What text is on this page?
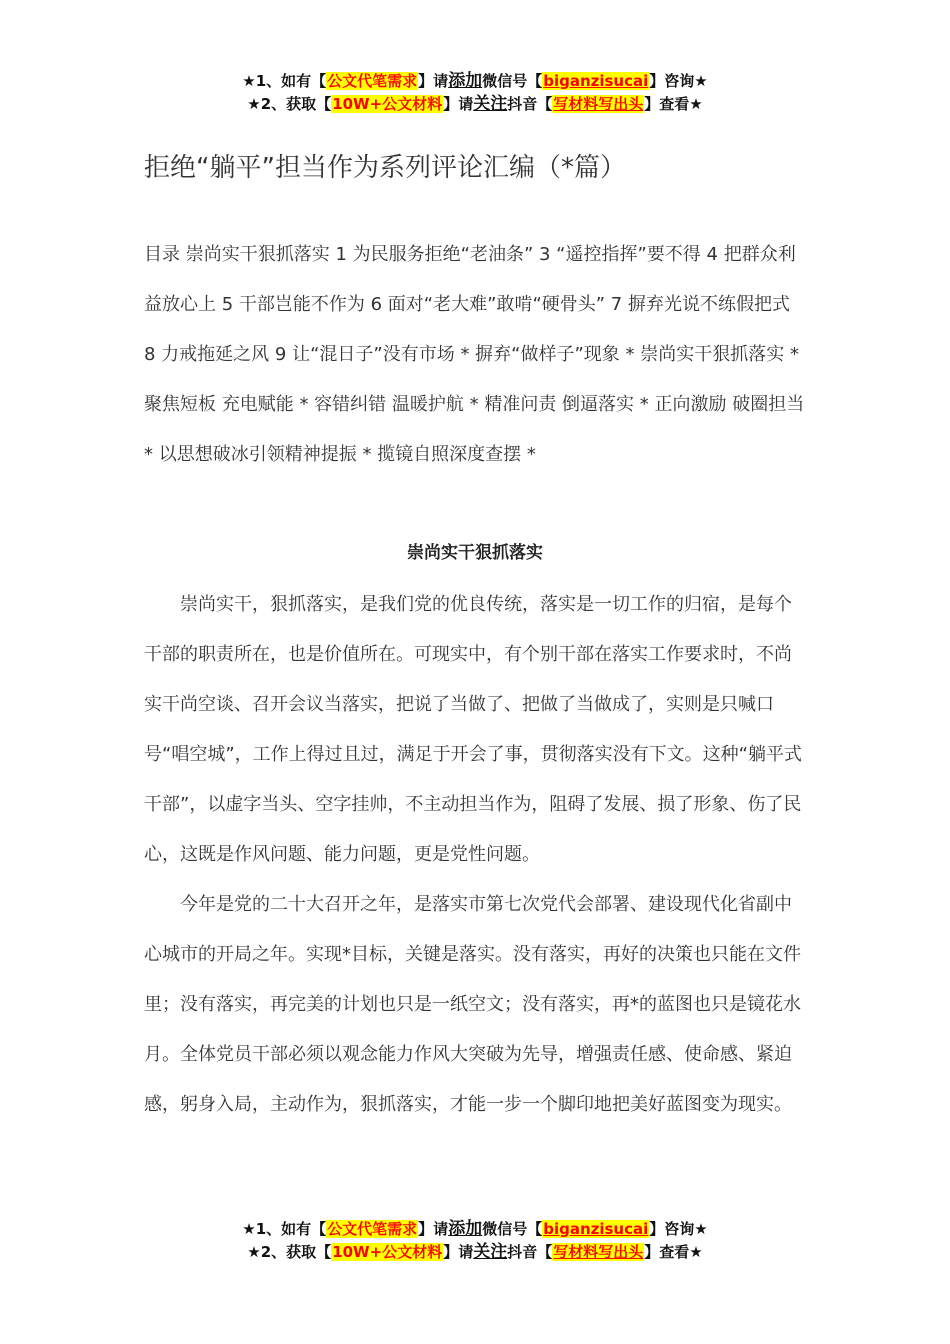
★1、如有【公文代笔需求】请添加微信号【biganzisucai】咨询★
★2、获取【10W+公文材料】请关注抖音【写材料写出头】查看★
拒绝“躺平”担当作为系列评论汇编（*篇）

目录 崇尚实干狠抓落实 1 为民服务拒绝“老油条” 3 “遥控指挥”要不得 4 把群众利益放心上 5 干部岂能不作为 6 面对“老大难”敢啃“硬骨头” 7 摒弃光说不练假把式 8 力戒拖延之风 9 让“混日子”没有市场 * 摒弃“做样子”现象 * 崇尚实干狠抓落实 * 聚焦短板 充电赋能 * 容错纠错 温暖护航 * 精准问责 倒逼落实 * 正向激励 破圈担当 * 以思想破冰引领精神提振 * 揽镜自照深度查摆 *

崇尚实干狠抓落实

崇尚实干，狠抓落实，是我们党的优良传统，落实是一切工作的归宿，是每个干部的职责所在，也是价值所在。可现实中，有个别干部在落实工作要求时，不尚实干尚空谈、召开会议当落实，把说了当做了、把做了当做成了，实则是只喊口号“唱空城”，工作上得过且过，满足于开会了事，贯彻落实没有下文。这种“躺平式干部”，以虚字当头、空字挂帅，不主动担当作为，阻碍了发展、损了形象、伤了民心，这既是作风问题、能力问题，更是党性问题。

今年是党的二十大召开之年，是落实市第七次党代会部署、建设现代化省副中心城市的开局之年。实现*目标，关键是落实。没有落实，再好的决策也只能在文件里；没有落实，再完美的计划也只是一纸空文；没有落实，再*的蓝图也只是镜花水月。全体党员干部必须以观念能力作风大突破为先导，增强责任感、使命感、紧迫感，躬身入局，主动作为，狠抓落实，才能一步一个脚印地把美好蓝图变为现实。

★1、如有【公文代笔需求】请添加微信号【biganzisucai】咨询★
★2、获取【10W+公文材料】请关注抖音【写材料写出头】查看★
